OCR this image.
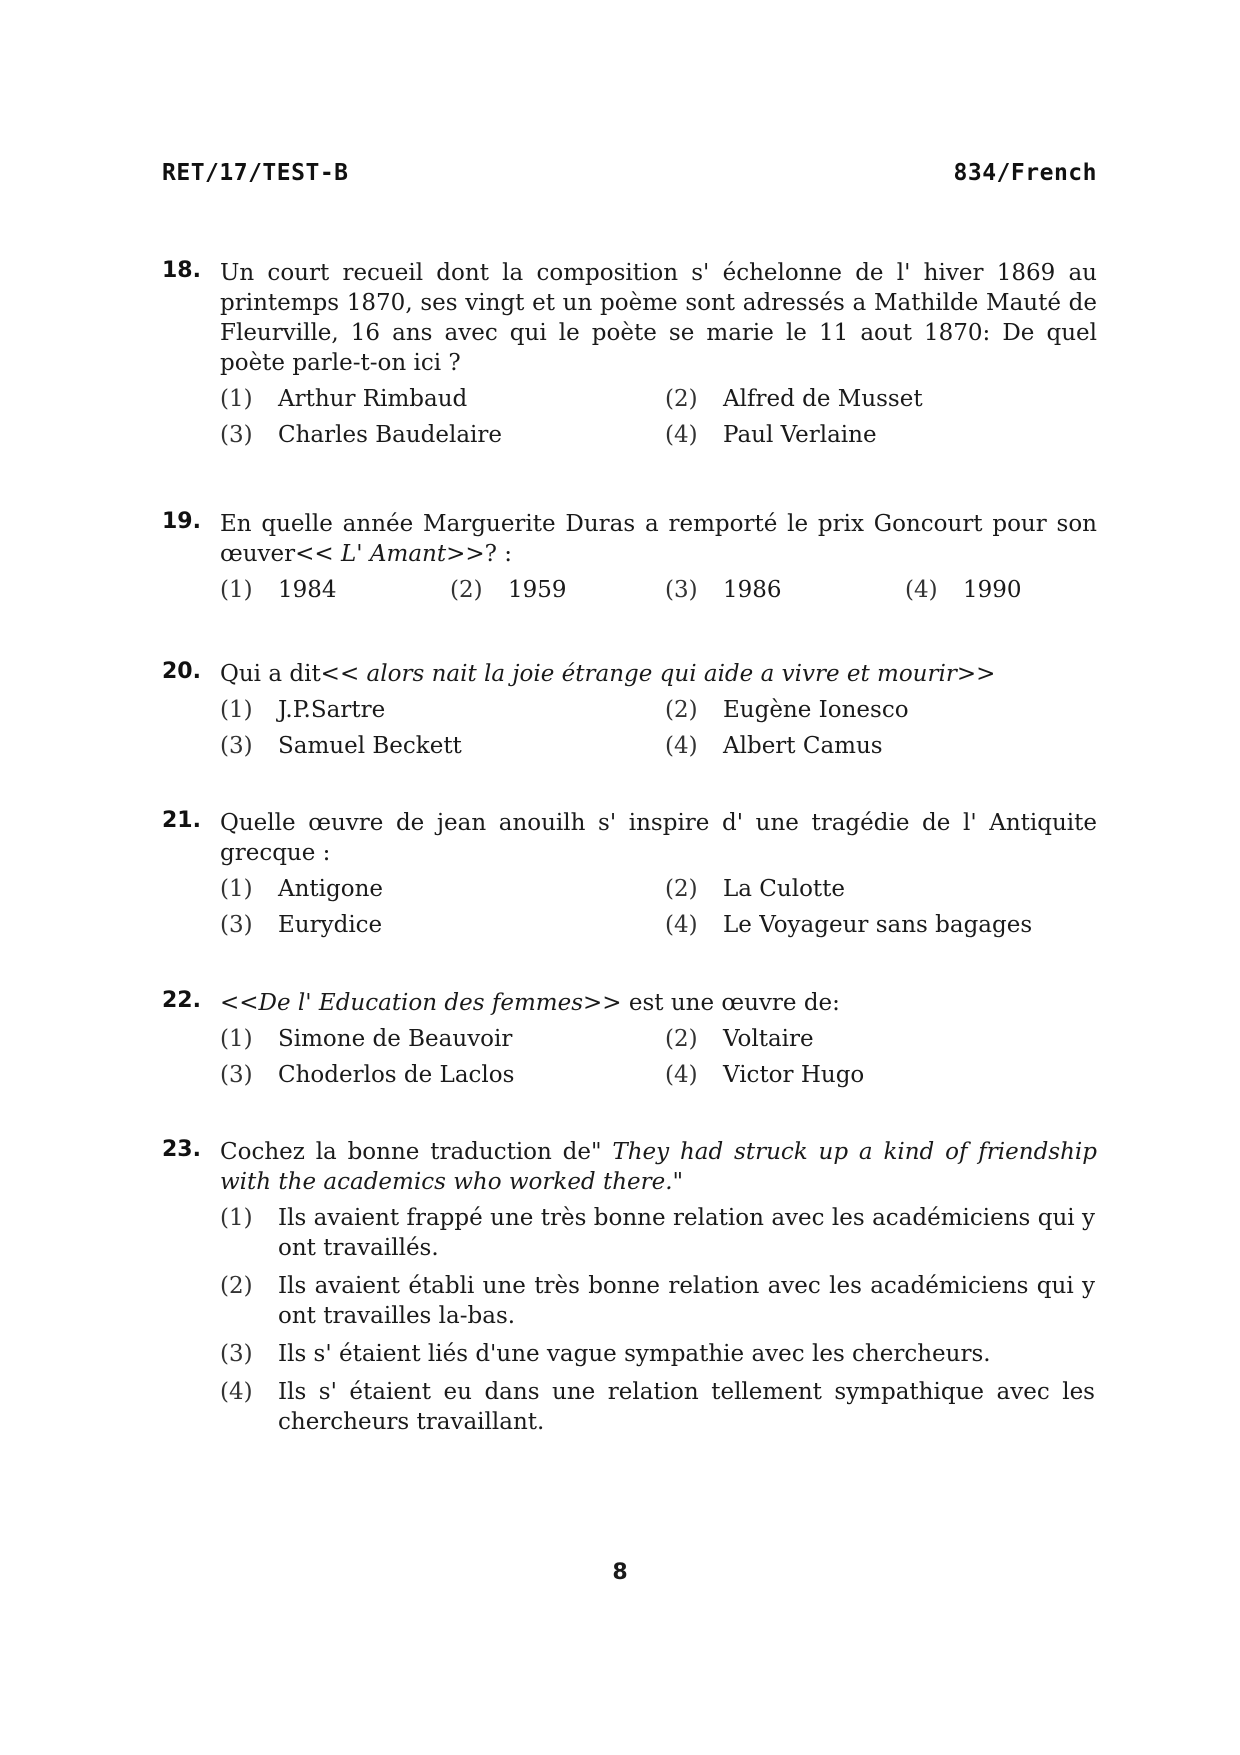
RET/17/TEST-B	834/French
18. Un court recueil dont la composition s' échelonne de l' hiver 1869 au printemps 1870, ses vingt et un poème sont adressés a Mathilde Mauté de Fleurville, 16 ans avec qui le poète se marie le 11 aout 1870: De quel poète parle-t-on ici ?
(1)	Arthur Rimbaud	(2)	Alfred de Musset
(3)	Charles Baudelaire	(4)	Paul Verlaine
19. En quelle année Marguerite Duras a remporté le prix Goncourt pour son œuver<< L' Amant>>? :
(1)	1984	(2)	1959	(3)	1986	(4)	1990
20. Qui a dit<< alors nait la joie étrange qui aide a vivre et mourir>>
(1)	J.P.Sartre	(2)	Eugène Ionesco
(3)	Samuel Beckett	(4)	Albert Camus
21. Quelle œuvre de jean anouilh s' inspire d' une tragédie de l' Antiquite grecque :
(1)	Antigone	(2)	La Culotte
(3)	Eurydice	(4)	Le Voyageur sans bagages
22. <<De l' Education des femmes>> est une œuvre de:
(1)	Simone de Beauvoir	(2)	Voltaire
(3)	Choderlos de Laclos	(4)	Victor Hugo
23. Cochez la bonne traduction de" They had struck up a kind of friendship with the academics who worked there."
(1)	Ils avaient frappé une très bonne relation avec les académiciens qui y ont travaillés.
(2)	Ils avaient établi une très bonne relation avec les académiciens qui y ont travailles la-bas.
(3)	Ils s' étaient liés d'une vague sympathie avec les chercheurs.
(4)	Ils s' étaient eu dans une relation tellement sympathique avec les chercheurs travaillant.
8
